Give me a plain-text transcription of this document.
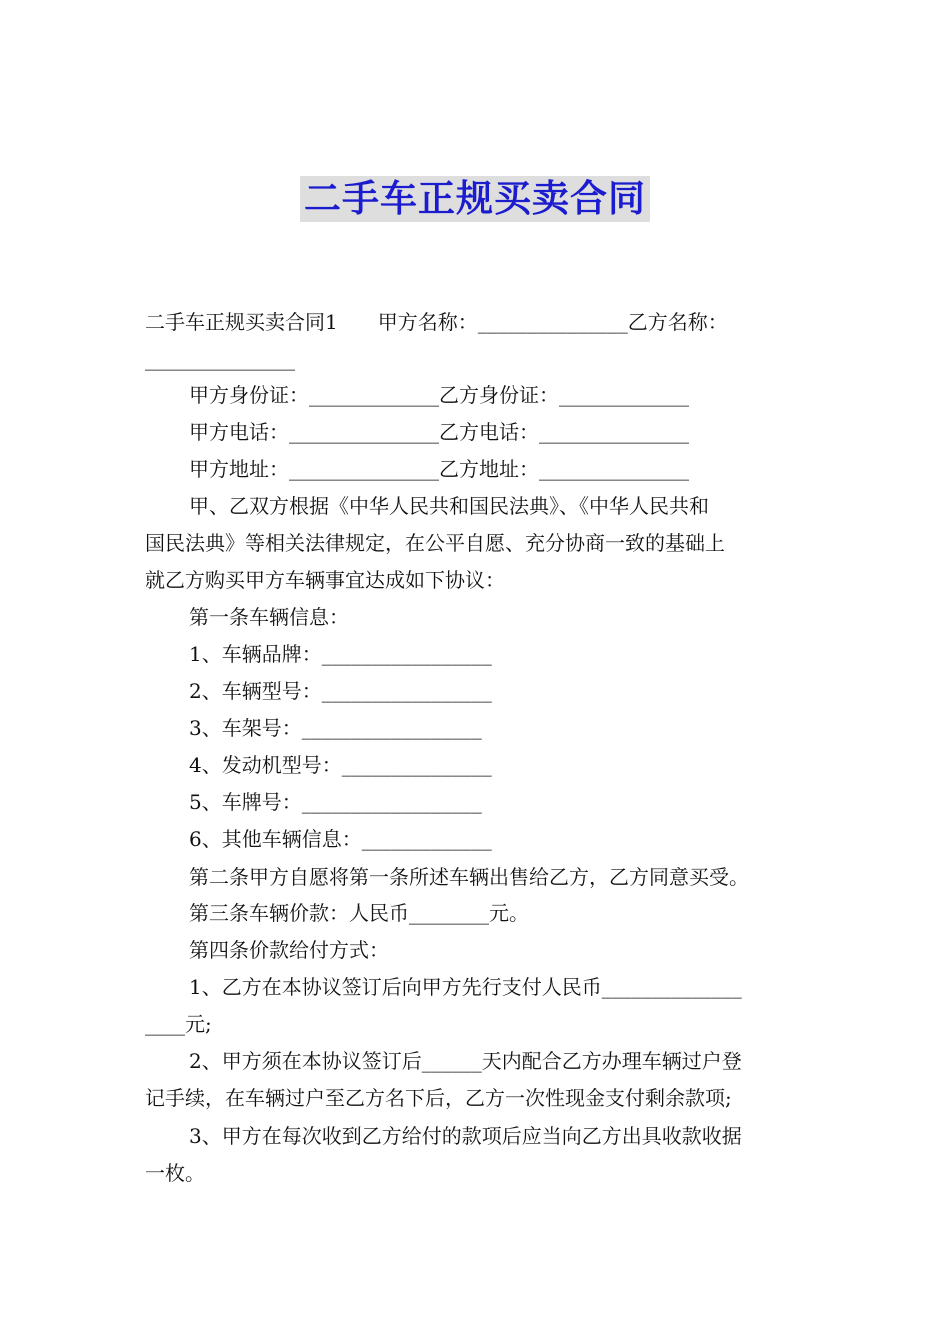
二手车正规买卖合同
二手车正规买卖合同1　　甲方名称：_______________乙方名称：
_______________
甲方身份证：_____________乙方身份证：_____________
甲方电话：_______________乙方电话：_______________
甲方地址：_______________乙方地址：_______________
甲、乙双方根据《中华人民共和国民法典》、《中华人民共和
国民法典》等相关法律规定，在公平自愿、充分协商一致的基础上
就乙方购买甲方车辆事宜达成如下协议：
第一条车辆信息：
1、车辆品牌：_________________
2、车辆型号：_________________
3、车架号：__________________
4、发动机型号：_______________
5、车牌号：__________________
6、其他车辆信息：_____________
第二条甲方自愿将第一条所述车辆出售给乙方，乙方同意买受。
第三条车辆价款：人民币________元。
第四条价款给付方式：
1、乙方在本协议签订后向甲方先行支付人民币______________
____元;
2、甲方须在本协议签订后______天内配合乙方办理车辆过户登
记手续，在车辆过户至乙方名下后，乙方一次性现金支付剩余款项;
3、甲方在每次收到乙方给付的款项后应当向乙方出具收款收据
一枚。
